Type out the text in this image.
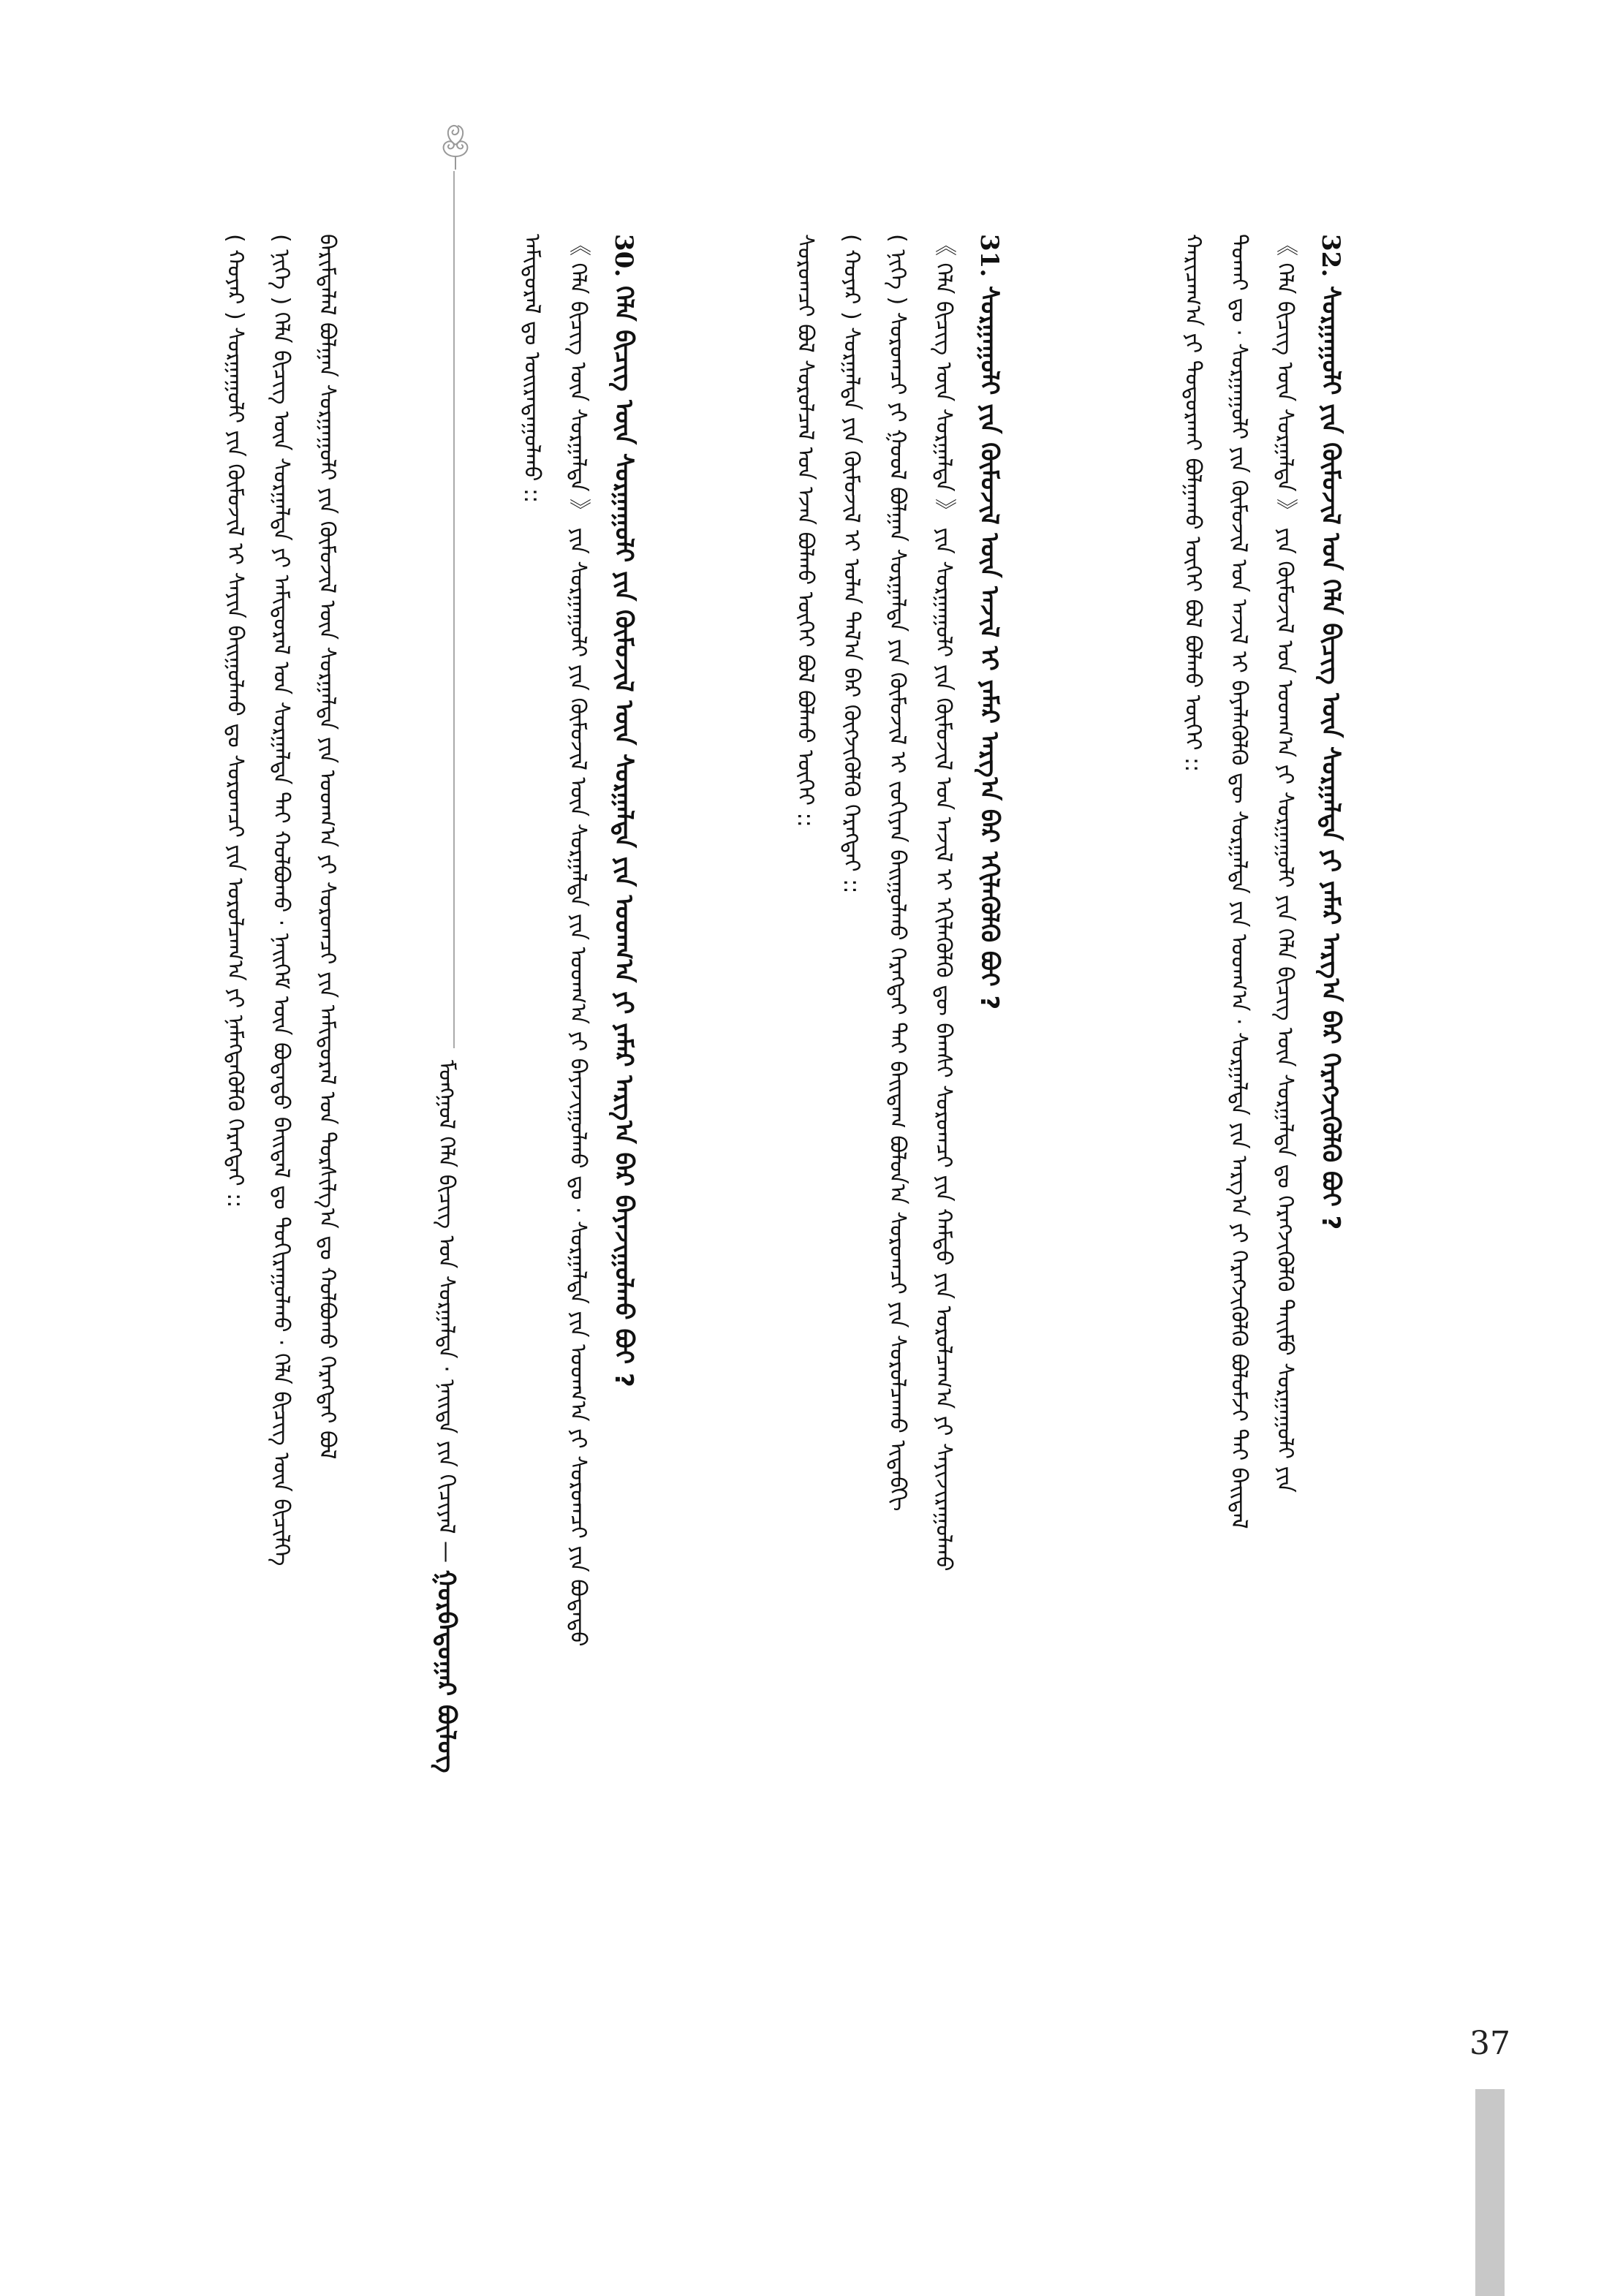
ᠮᠣᠩᠭᠣᠯ ᠬᠡᠯᠡ ᠪᠢᠴᠢᠭ ᠤᠨ ᠰᠤᠷᠭᠠᠯᠲᠠ · ᠨᠡᠢᠲᠡ ᠶᠢᠨ ᠬᠢᠴᠢᠶᠡᠯ — ᠭᠤᠷᠪᠠᠳᠤᠭᠠᠷ ᠪᠦᠯᠦᠭ
32. ᠰᠤᠷᠭᠠᠭᠤᠯᠢ ᠶᠢᠨ ᠬᠦᠮᠦᠵᠢᠯ ᠤᠨ ᠬᠡᠯᠡ ᠪᠢᠴᠢᠭ ᠦᠨ ᠰᠤᠷᠭᠠᠯᠲᠠ ᠶᠢ ᠶᠠᠮᠠᠷ ᠠᠷᠭ᠎ᠠ ᠪᠠᠷ ᠬᠡᠷᠡᠭᠵᠢᠭᠦᠯᠬᠦ ᠪᠤᠢ ?
《 ᠬᠡᠯᠡ ᠪᠢᠴᠢᠭ ᠦᠨ ᠰᠤᠷᠭᠠᠯᠲᠠ 》 ᠶᠢᠨ ᠬᠦᠮᠦᠵᠢᠯ ᠤᠨ ᠤᠳᠬ᠎ᠠ ᠶᠢ ᠰᠤᠷᠭᠠᠭᠤᠯᠢ ᠶᠢᠨ ᠬᠡᠯᠡ ᠪᠢᠴᠢᠭ ᠦᠨ ᠰᠤᠷᠭᠠᠯᠲᠠ ᠳᠤ ᠬᠡᠷᠡᠭᠵᠢᠭᠦᠯᠬᠦ ᠲᠠᠶ᠋ᠢᠮᠤ ᠰᠤᠷᠭᠠᠭᠤᠯᠢ ᠶᠢᠨ
ᠲᠤᠬᠠᠢ ᠳᠤ · ᠰᠤᠷᠭᠠᠭᠤᠯᠢ ᠶᠢᠨ ᠬᠦᠮᠦᠵᠢᠯ ᠤᠨ ᠠᠵᠢᠯ ᠢ ᠪᠡᠶᠡᠯᠡᠭᠦᠯᠬᠦ ᠳᠦ ᠰᠤᠷᠭᠠᠯᠲᠠ ᠶᠢᠨ ᠤᠳᠬ᠎ᠠ · ᠰᠤᠷᠭᠠᠯᠲᠠ ᠶᠢᠨ ᠠᠷᠭ᠎ᠠ ᠶᠢ ᠬᠡᠷᠡᠭᠵᠢᠭᠦᠯᠬᠦ ᠪᠣᠯᠣᠮᠵᠢ ᠲᠠᠢ ᠪᠠᠢᠳᠠᠯ
ᠬᠠᠷᠢᠴᠠᠭ᠎ᠠ ᠶᠢ ᠲᠣᠳᠣᠷᠬᠠᠢ ᠪᠣᠯᠭᠠᠬᠤ ᠦᠭᠡᠢ ᠪᠣᠯ ᠪᠣᠯᠬᠤ ᠦᠭᠡᠢ ::
31. ᠰᠤᠷᠭᠠᠭᠤᠯᠢ ᠶᠢᠨ ᠬᠦᠮᠦᠵᠢᠯ ᠦᠨ ᠠᠵᠢᠯ ᠢ ᠶᠠᠮᠠᠷ ᠠᠷᠭ᠎ᠠ ᠪᠠᠷ ᠡᠬᠢᠯᠡᠭᠦᠯᠬᠦ ᠪᠤᠢ ?
《 ᠬᠡᠯᠡ ᠪᠢᠴᠢᠭ ᠦᠨ ᠰᠤᠷᠭᠠᠯᠲᠠ 》 ᠶᠢᠨ ᠰᠤᠷᠭᠠᠭᠤᠯᠢ ᠶᠢᠨ ᠬᠦᠮᠦᠵᠢᠯ ᠤᠨ ᠠᠵᠢᠯ ᠢ ᠡᠬᠢᠯᠡᠭᠦᠯᠬᠦ ᠳᠦ ᠪᠠᠭᠰᠢ ᠰᠤᠷᠤᠭᠴᠢ ᠶᠢᠨ ᠬᠠᠮᠲᠤ ᠶᠢᠨ ᠤᠷᠤᠯᠴᠠᠭ᠎ᠠ ᠶᠢ ᠰᠠᠶᠢᠵᠢᠷᠠᠭᠤᠯᠬᠤ
( ᠨᠢᠭᠡ ) ᠰᠤᠷᠤᠭᠴᠢ ᠶᠢ ᠭᠣᠣᠯ ᠪᠣᠯᠭᠠᠨ ᠰᠤᠷᠭᠠᠯᠲᠠ ᠶᠢᠨ ᠬᠦᠮᠦᠵᠢᠯ ᠢ ᠵᠣᠬᠢᠶᠠᠨ ᠪᠠᠢᠭᠤᠯᠬᠤ ᠬᠡᠷᠡᠭᠲᠡᠢ ᠲᠠᠢ ᠪᠠᠢᠳᠠᠭ ᠪᠣᠯᠤᠨ᠎ᠠ ᠰᠤᠷᠤᠭᠴᠢ ᠶᠢᠨ ᠰᠤᠷᠤᠯᠴᠠᠬᠤ ᠢᠳᠡᠪᠬᠢ
( ᠬᠣᠶᠠᠷ ) ᠰᠤᠷᠭᠠᠯᠲᠠ ᠶᠢᠨ ᠬᠦᠮᠦᠵᠢᠯ ᠢ ᠣᠯᠠᠨ ᠲᠠᠯ᠎ᠠ ᠪᠠᠷ ᠬᠦᠭᠵᠢᠭᠦᠯᠬᠦ ᠬᠡᠷᠡᠭᠲᠡᠢ ::
ᠰᠤᠷᠤᠭᠴᠢ ᠪᠣᠯ ᠰᠤᠷᠤᠯᠴᠠᠯ ᠤᠨ ᠡᠵᠡᠨ ᠪᠣᠯᠬᠤ ᠦᠭᠡᠢ ᠪᠣᠯ ᠪᠣᠯᠬᠤ ᠦᠭᠡᠢ ::
30. ᠬᠡᠯᠡ ᠪᠢᠴᠢᠭ ᠦᠨ ᠰᠤᠷᠭᠠᠭᠤᠯᠢ ᠶᠢᠨ ᠬᠦᠮᠦᠵᠢᠯ ᠦᠨ ᠰᠤᠷᠭᠠᠯᠲᠠ ᠶᠢᠨ ᠤᠳᠬ᠎ᠠ ᠶᠢ ᠶᠠᠮᠠᠷ ᠠᠷᠭ᠎ᠠ ᠪᠠᠷ ᠪᠠᠶᠠᠵᠢᠭᠤᠯᠬᠤ ᠪᠤᠢ ?
《 ᠬᠡᠯᠡ ᠪᠢᠴᠢᠭ ᠦᠨ ᠰᠤᠷᠭᠠᠯᠲᠠ 》 ᠶᠢᠨ ᠰᠤᠷᠭᠠᠭᠤᠯᠢ ᠶᠢᠨ ᠬᠦᠮᠦᠵᠢᠯ ᠦᠨ ᠰᠤᠷᠭᠠᠯᠲᠠ ᠶᠢᠨ ᠤᠳᠬ᠎ᠠ ᠶᠢ ᠪᠠᠶᠠᠵᠢᠭᠤᠯᠬᠤ ᠳᠤ · ᠰᠤᠷᠭᠠᠯᠲᠠ ᠶᠢᠨ ᠤᠳᠬ᠎ᠠ ᠶᠢ ᠰᠤᠷᠤᠭᠴᠢ ᠶᠢᠨ ᠪᠣᠳᠠᠲᠤ
ᠠᠮᠢᠳᠤᠷᠠᠯ ᠳᠤ ᠣᠢᠷᠠᠳᠠᠭᠤᠯᠬᠤ ::
ᠪᠠᠷᠢᠮᠲᠠᠯᠠᠯ ᠪᠣᠯᠭᠠᠨ ᠰᠤᠷᠭᠠᠭᠤᠯᠢ ᠶᠢᠨ ᠬᠦᠮᠦᠵᠢᠯ ᠦᠨ ᠰᠤᠷᠭᠠᠯᠲᠠ ᠶᠢᠨ ᠤᠳᠬ᠎ᠠ ᠶᠢ ᠰᠤᠷᠤᠭᠴᠢ ᠶᠢᠨ ᠠᠮᠢᠳᠤᠷᠠᠯ ᠤᠨ ᠲᠤᠷᠰᠢᠯᠭ᠎ᠠ ᠳᠤ ᠬᠣᠯᠪᠣᠬᠤ ᠬᠡᠷᠡᠭᠲᠡᠢ ᠪᠣᠯ
( ᠨᠢᠭᠡ ) ᠬᠡᠯᠡ ᠪᠢᠴᠢᠭ ᠦᠨ ᠰᠤᠷᠭᠠᠯᠲᠠ ᠶᠢ ᠠᠮᠢᠳᠤᠷᠠᠯ ᠤᠨ ᠰᠤᠷᠭᠠᠯᠲᠠ ᠲᠠᠢ ᠬᠣᠯᠪᠣᠬᠤ · ᠨᠡᠢᠭᠡᠮ ᠦᠨ ᠪᠣᠳᠠᠲᠤ ᠪᠠᠢᠳᠠᠯ ᠳᠤ ᠲᠣᠬᠢᠷᠠᠭᠤᠯᠬᠤ · ᠬᠡᠯᠡ ᠪᠢᠴᠢᠭ ᠦᠨ ᠪᠢᠴᠢᠯᠭᠡ
( ᠬᠣᠶᠠᠷ ) ᠰᠤᠷᠭᠠᠭᠤᠯᠢ ᠶᠢᠨ ᠬᠦᠮᠦᠵᠢᠯ ᠢ ᠰᠠᠶᠢᠨ ᠪᠠᠢᠭᠤᠯᠬᠤ ᠳᠤ ᠰᠤᠷᠤᠭᠴᠢ ᠶᠢᠨ ᠤᠷᠤᠯᠴᠠᠭ᠎ᠠ ᠶᠢ ᠨᠡᠮᠡᠭᠳᠡᠭᠦᠯᠬᠦ ᠬᠡᠷᠡᠭᠲᠡᠢ ::
37
